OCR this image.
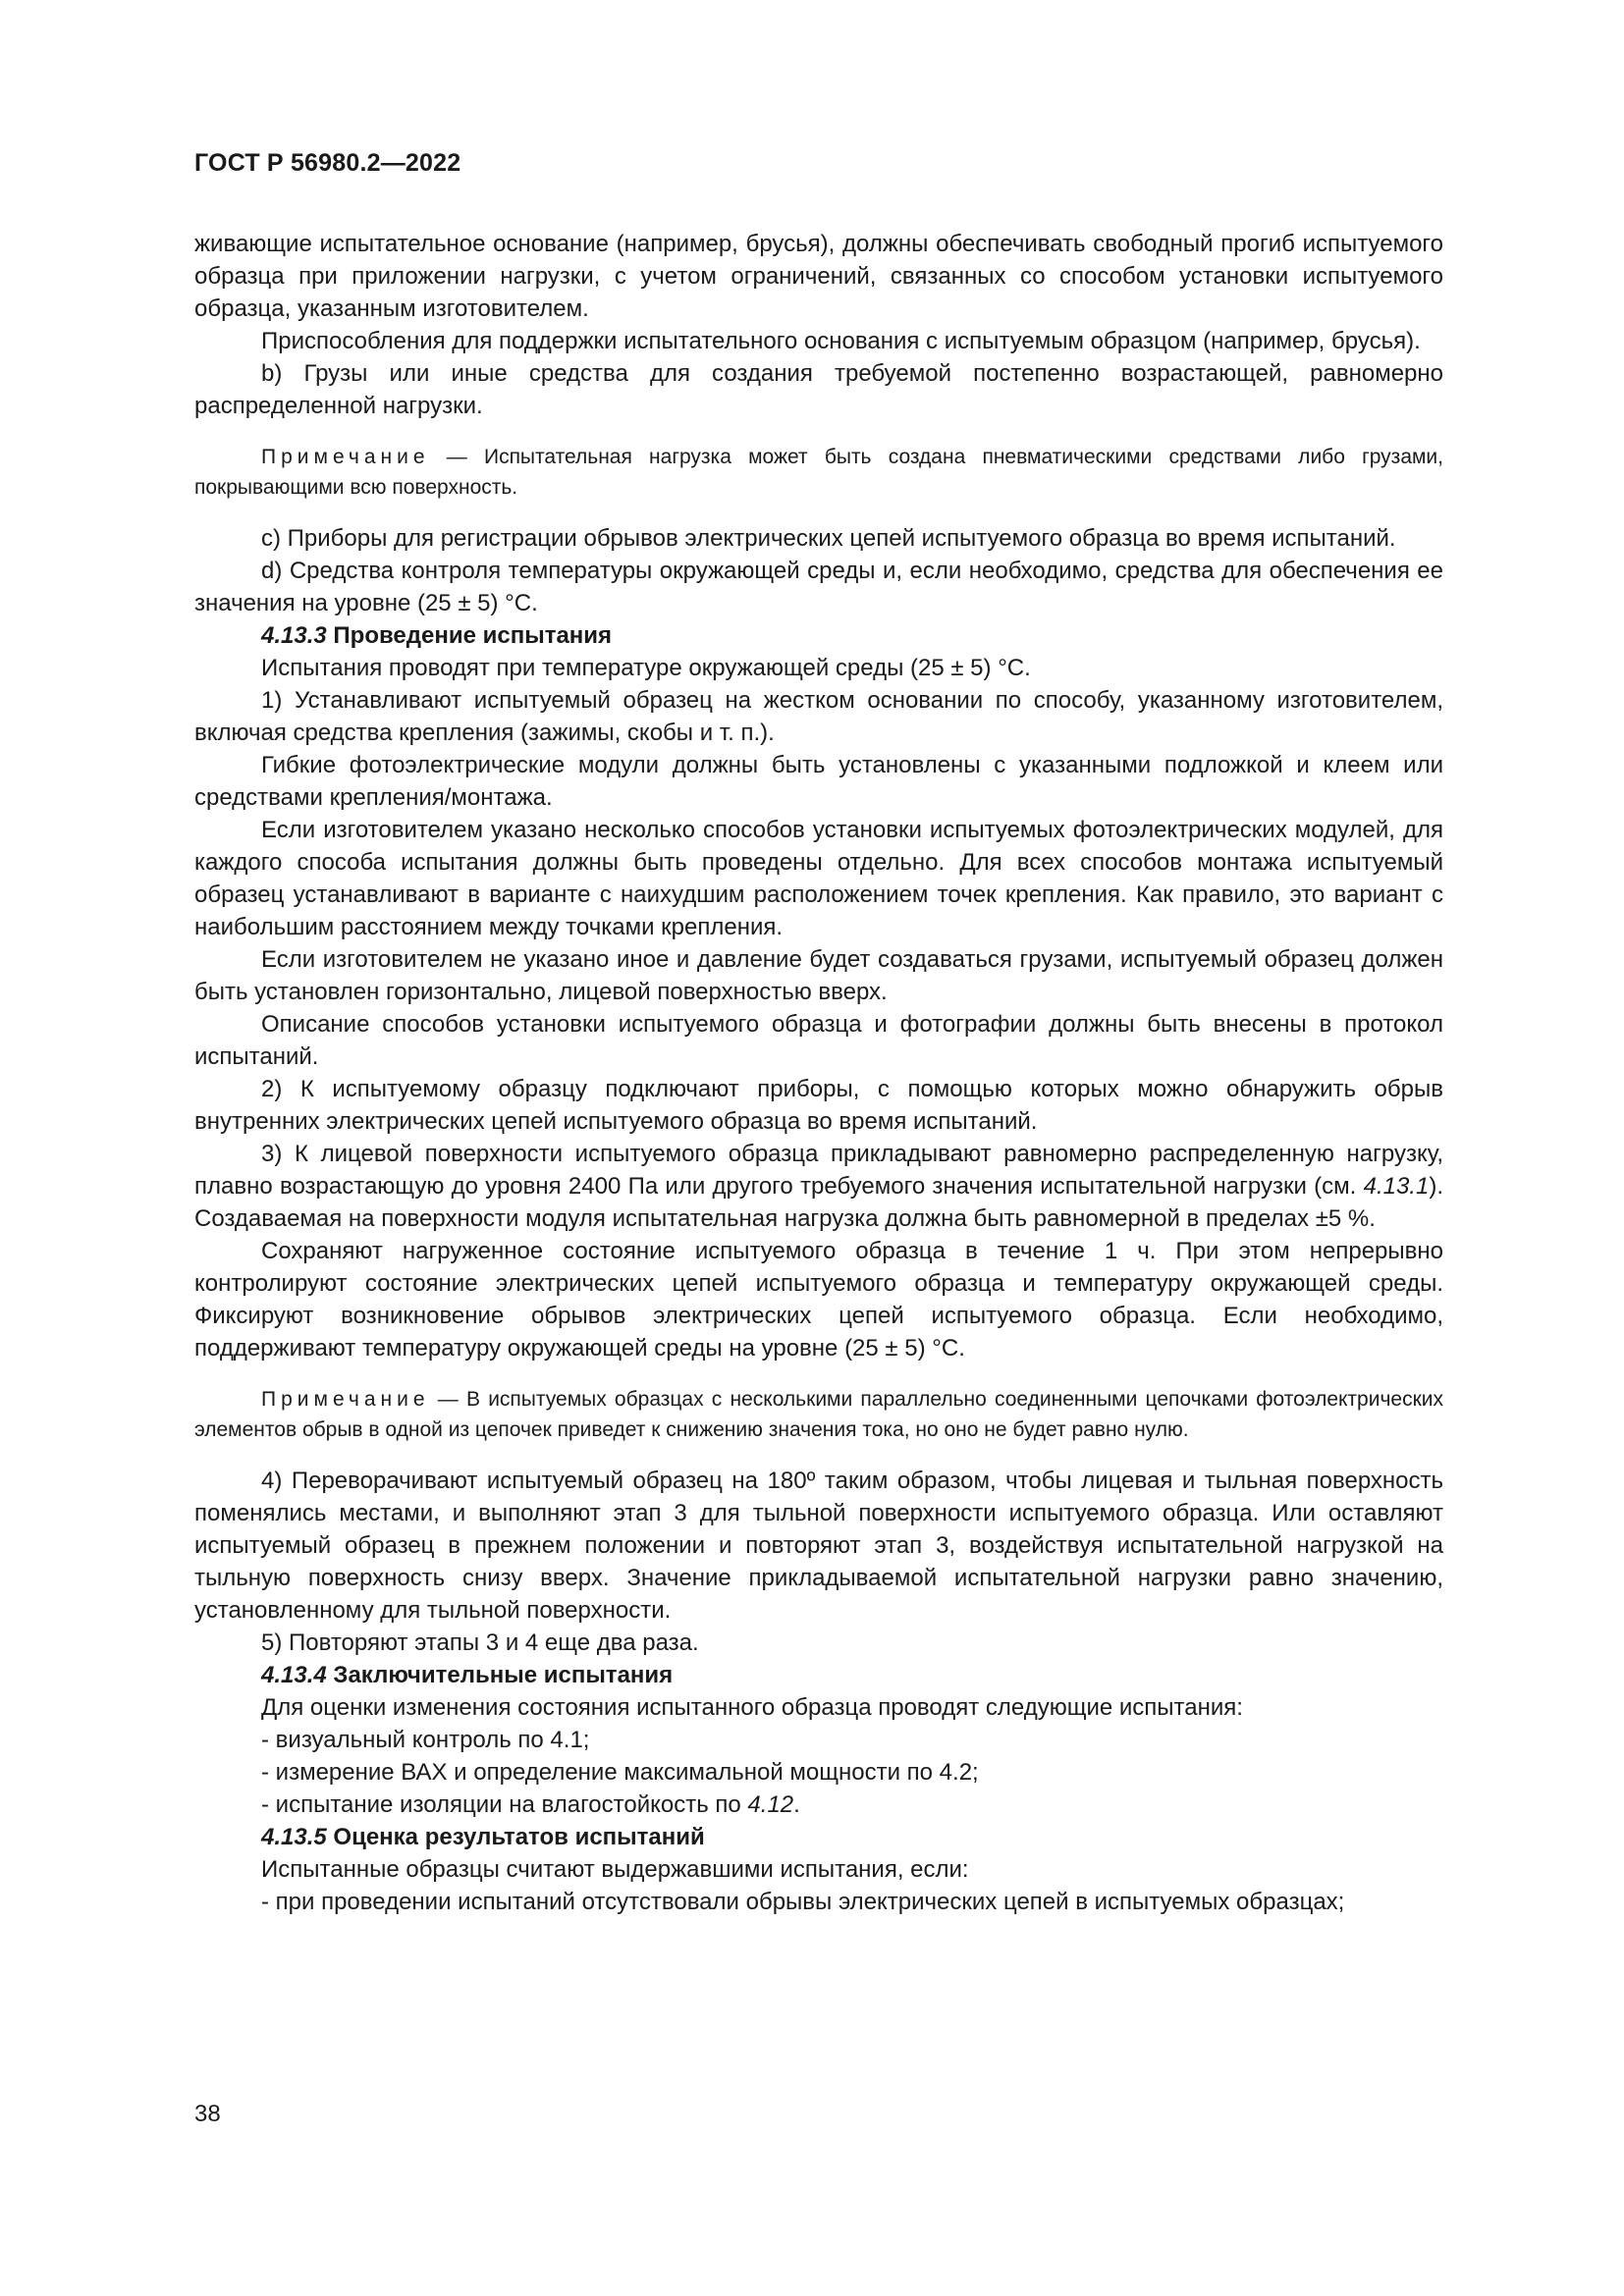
ГОСТ Р 56980.2—2022

живающие испытательное основание (например, брусья), должны обеспечивать свободный прогиб испытуемого образца при приложении нагрузки, с учетом ограничений, связанных со способом установки испытуемого образца, указанным изготовителем.

Приспособления для поддержки испытательного основания с испытуемым образцом (например, брусья).

b) Грузы или иные средства для создания требуемой постепенно возрастающей, равномерно распределенной нагрузки.

Примечание — Испытательная нагрузка может быть создана пневматическими средствами либо грузами, покрывающими всю поверхность.

c) Приборы для регистрации обрывов электрических цепей испытуемого образца во время испытаний.

d) Средства контроля температуры окружающей среды и, если необходимо, средства для обеспечения ее значения на уровне (25 ± 5) °С.

4.13.3 Проведение испытания

Испытания проводят при температуре окружающей среды (25 ± 5) °С.

1) Устанавливают испытуемый образец на жестком основании по способу, указанному изготовителем, включая средства крепления (зажимы, скобы и т. п.).

Гибкие фотоэлектрические модули должны быть установлены с указанными подложкой и клеем или средствами крепления/монтажа.

Если изготовителем указано несколько способов установки испытуемых фотоэлектрических модулей, для каждого способа испытания должны быть проведены отдельно. Для всех способов монтажа испытуемый образец устанавливают в варианте с наихудшим расположением точек крепления. Как правило, это вариант с наибольшим расстоянием между точками крепления.

Если изготовителем не указано иное и давление будет создаваться грузами, испытуемый образец должен быть установлен горизонтально, лицевой поверхностью вверх.

Описание способов установки испытуемого образца и фотографии должны быть внесены в протокол испытаний.

2) К испытуемому образцу подключают приборы, с помощью которых можно обнаружить обрыв внутренних электрических цепей испытуемого образца во время испытаний.

3) К лицевой поверхности испытуемого образца прикладывают равномерно распределенную нагрузку, плавно возрастающую до уровня 2400 Па или другого требуемого значения испытательной нагрузки (см. 4.13.1). Создаваемая на поверхности модуля испытательная нагрузка должна быть равномерной в пределах ±5 %.

Сохраняют нагруженное состояние испытуемого образца в течение 1 ч. При этом непрерывно контролируют состояние электрических цепей испытуемого образца и температуру окружающей среды. Фиксируют возникновение обрывов электрических цепей испытуемого образца. Если необходимо, поддерживают температуру окружающей среды на уровне (25 ± 5) °С.

Примечание — В испытуемых образцах с несколькими параллельно соединенными цепочками фотоэлектрических элементов обрыв в одной из цепочек приведет к снижению значения тока, но оно не будет равно нулю.

4) Переворачивают испытуемый образец на 180º таким образом, чтобы лицевая и тыльная поверхность поменялись местами, и выполняют этап 3 для тыльной поверхности испытуемого образца. Или оставляют испытуемый образец в прежнем положении и повторяют этап 3, воздействуя испытательной нагрузкой на тыльную поверхность снизу вверх. Значение прикладываемой испытательной нагрузки равно значению, установленному для тыльной поверхности.

5) Повторяют этапы 3 и 4 еще два раза.

4.13.4 Заключительные испытания

Для оценки изменения состояния испытанного образца проводят следующие испытания:

- визуальный контроль по 4.1;

- измерение ВАХ и определение максимальной мощности по 4.2;

- испытание изоляции на влагостойкость по 4.12.

4.13.5 Оценка результатов испытаний

Испытанные образцы считают выдержавшими испытания, если:

- при проведении испытаний отсутствовали обрывы электрических цепей в испытуемых образцах;

38
